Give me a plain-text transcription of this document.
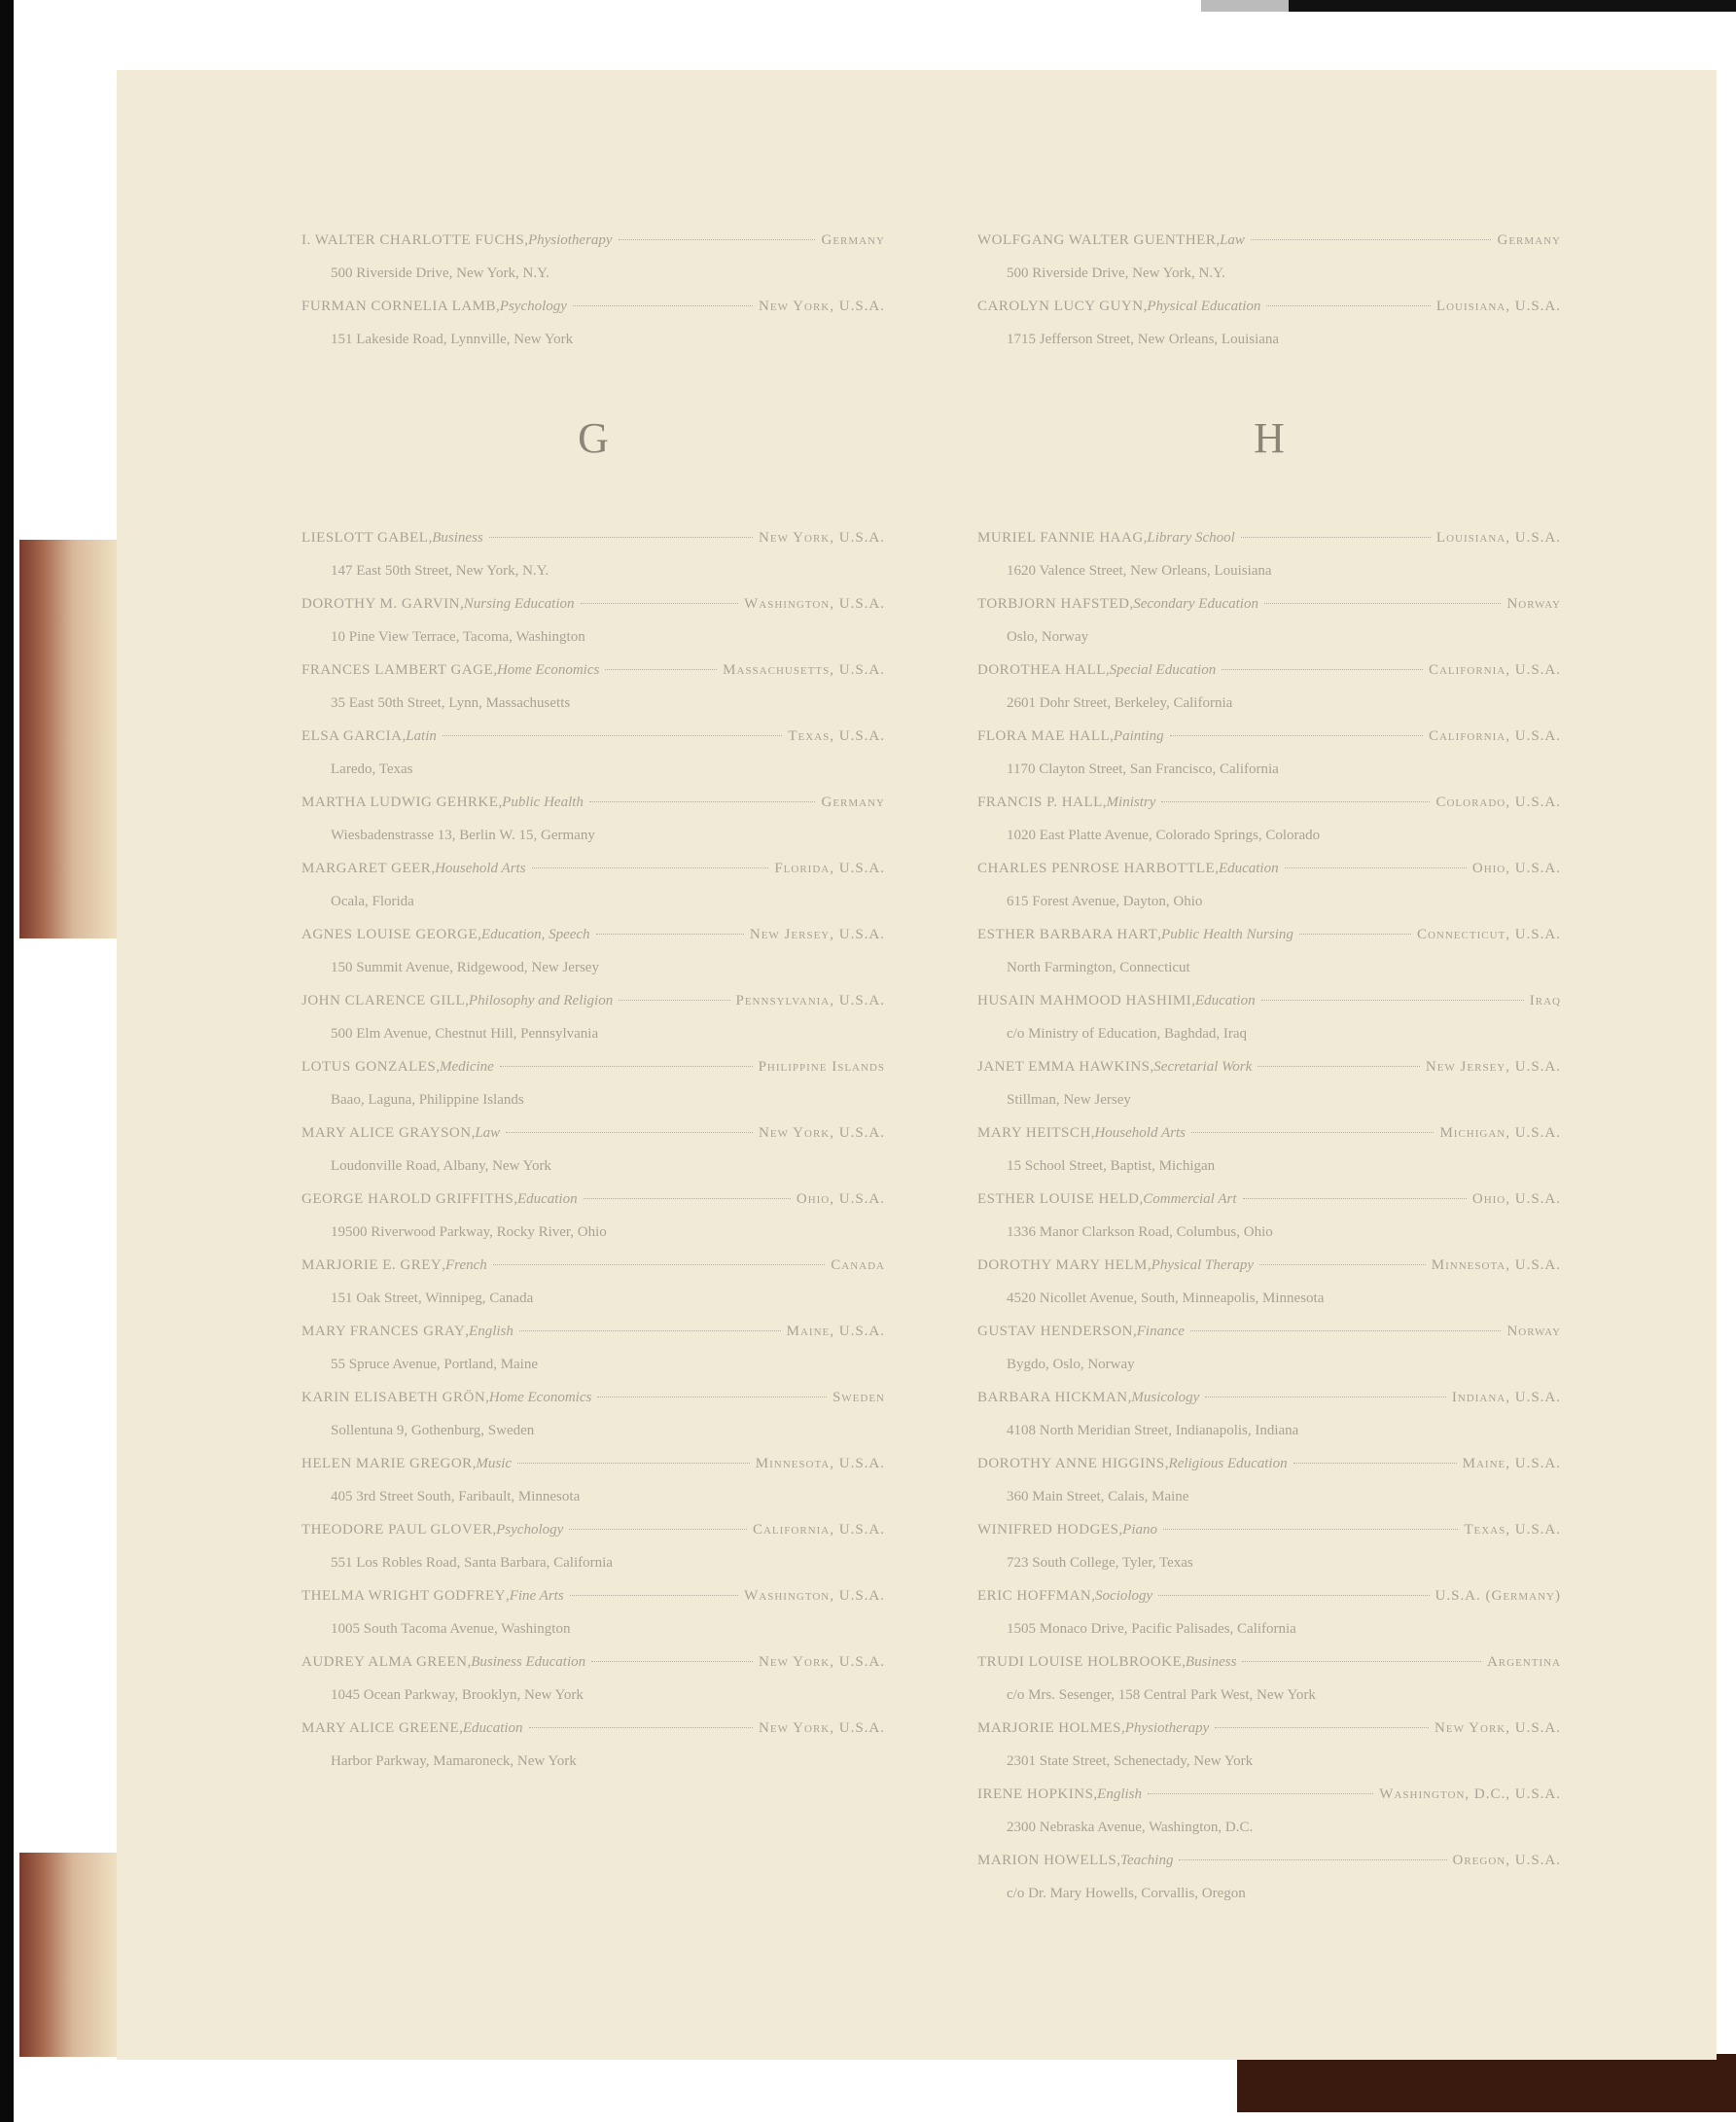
I. WALTER CHARLOTTE FUCHS , Physiotherapy	Germany
500 Riverside Drive, New York, N.Y.
FURMAN CORNELIA LAMB , Psychology	New York, U.S.A.
151 Lakeside Road, Lynnville, New York
G
LIESLOTT GABEL , Business	New York, U.S.A.
147 East 50th Street, New York, N.Y.
DOROTHY M. GARVIN , Nursing Education	Washington, U.S.A.
10 Pine View Terrace, Tacoma, Washington
FRANCES LAMBERT GAGE , Home Economics	Massachusetts, U.S.A.
35 East 50th Street, Lynn, Massachusetts
ELSA GARCIA , Latin	Texas, U.S.A.
Laredo, Texas
MARTHA LUDWIG GEHRKE , Public Health	Germany
Wiesbadenstrasse 13, Berlin W. 15, Germany
MARGARET GEER , Household Arts	Florida, U.S.A.
Ocala, Florida
AGNES LOUISE GEORGE , Education, Speech	New Jersey, U.S.A.
150 Summit Avenue, Ridgewood, New Jersey
JOHN CLARENCE GILL , Philosophy and Religion	Pennsylvania, U.S.A.
500 Elm Avenue, Chestnut Hill, Pennsylvania
LOTUS GONZALES , Medicine	Philippine Islands
Baao, Laguna, Philippine Islands
MARY ALICE GRAYSON , Law	New York, U.S.A.
Loudonville Road, Albany, New York
GEORGE HAROLD GRIFFITHS , Education	Ohio, U.S.A.
19500 Riverwood Parkway, Rocky River, Ohio
MARJORIE E. GREY , French	Canada
151 Oak Street, Winnipeg, Canada
MARY FRANCES GRAY , English	Maine, U.S.A.
55 Spruce Avenue, Portland, Maine
KARIN ELISABETH GRÖN , Home Economics	Sweden
Sollentuna 9, Gothenburg, Sweden
HELEN MARIE GREGOR , Music	Minnesota, U.S.A.
405 3rd Street South, Faribault, Minnesota
THEODORE PAUL GLOVER , Psychology	California, U.S.A.
551 Los Robles Road, Santa Barbara, California
THELMA WRIGHT GODFREY , Fine Arts	Washington, U.S.A.
1005 South Tacoma Avenue, Washington
AUDREY ALMA GREEN , Business Education	New York, U.S.A.
1045 Ocean Parkway, Brooklyn, New York
MARY ALICE GREENE , Education	New York, U.S.A.
Harbor Parkway, Mamaroneck, New York
WOLFGANG WALTER GUENTHER , Law	Germany
500 Riverside Drive, New York, N.Y.
CAROLYN LUCY GUYN , Physical Education	Louisiana, U.S.A.
1715 Jefferson Street, New Orleans, Louisiana
H
MURIEL FANNIE HAAG , Library School	Louisiana, U.S.A.
1620 Valence Street, New Orleans, Louisiana
TORBJORN HAFSTED , Secondary Education	Norway
Oslo, Norway
DOROTHEA HALL , Special Education	California, U.S.A.
2601 Dohr Street, Berkeley, California
FLORA MAE HALL , Painting	California, U.S.A.
1170 Clayton Street, San Francisco, California
FRANCIS P. HALL , Ministry	Colorado, U.S.A.
1020 East Platte Avenue, Colorado Springs, Colorado
CHARLES PENROSE HARBOTTLE , Education	Ohio, U.S.A.
615 Forest Avenue, Dayton, Ohio
ESTHER BARBARA HART , Public Health Nursing	Connecticut, U.S.A.
North Farmington, Connecticut
HUSAIN MAHMOOD HASHIMI , Education	Iraq
c/o Ministry of Education, Baghdad, Iraq
JANET EMMA HAWKINS , Secretarial Work	New Jersey, U.S.A.
Stillman, New Jersey
MARY HEITSCH , Household Arts	Michigan, U.S.A.
15 School Street, Baptist, Michigan
ESTHER LOUISE HELD , Commercial Art	Ohio, U.S.A.
1336 Manor Clarkson Road, Columbus, Ohio
DOROTHY MARY HELM , Physical Therapy	Minnesota, U.S.A.
4520 Nicollet Avenue, South, Minneapolis, Minnesota
GUSTAV HENDERSON , Finance	Norway
Bygdo, Oslo, Norway
BARBARA HICKMAN , Musicology	Indiana, U.S.A.
4108 North Meridian Street, Indianapolis, Indiana
DOROTHY ANNE HIGGINS , Religious Education	Maine, U.S.A.
360 Main Street, Calais, Maine
WINIFRED HODGES , Piano	Texas, U.S.A.
723 South College, Tyler, Texas
ERIC HOFFMAN , Sociology	U.S.A. (Germany)
1505 Monaco Drive, Pacific Palisades, California
TRUDI LOUISE HOLBROOKE , Business	Argentina
c/o Mrs. Sesenger, 158 Central Park West, New York
MARJORIE HOLMES , Physiotherapy	New York, U.S.A.
2301 State Street, Schenectady, New York
IRENE HOPKINS , English	Washington, D.C., U.S.A.
2300 Nebraska Avenue, Washington, D.C.
MARION HOWELLS , Teaching	Oregon, U.S.A.
c/o Dr. Mary Howells, Corvallis, Oregon
